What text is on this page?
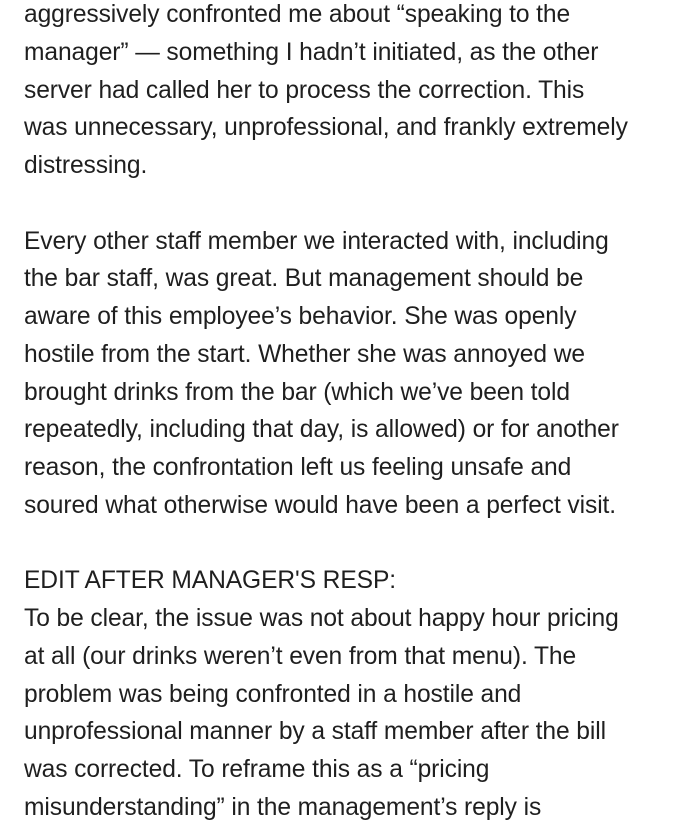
aggressively confronted me about “speaking to the
manager” — something I hadn’t initiated, as the other
server had called her to process the correction. This
was unnecessary, unprofessional, and frankly extremely
distressing.
Every other staff member we interacted with, including
the bar staff, was great. But management should be
aware of this employee’s behavior. She was openly
hostile from the start. Whether she was annoyed we
brought drinks from the bar (which we’ve been told
repeatedly, including that day, is allowed) or for another
reason, the confrontation left us feeling unsafe and
soured what otherwise would have been a perfect visit.
EDIT AFTER MANAGER'S RESP:
To be clear, the issue was not about happy hour pricing
at all (our drinks weren’t even from that menu). The
problem was being confronted in a hostile and
unprofessional manner by a staff member after the bill
was corrected. To reframe this as a “pricing
misunderstanding” in the management’s reply is
